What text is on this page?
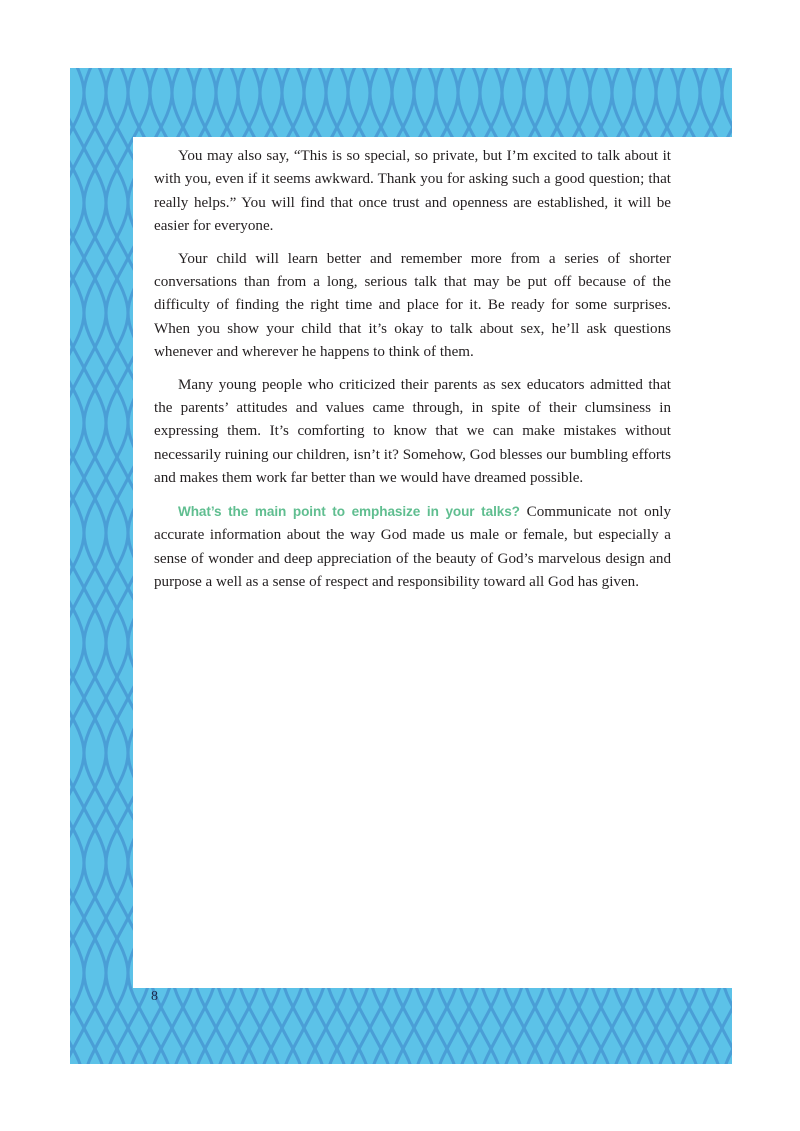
You may also say, “This is so special, so private, but I’m excited to talk about it with you, even if it seems awkward. Thank you for asking such a good question; that really helps.” You will find that once trust and openness are established, it will be easier for everyone.

Your child will learn better and remember more from a series of shorter conversations than from a long, serious talk that may be put off because of the difficulty of finding the right time and place for it. Be ready for some surprises. When you show your child that it’s okay to talk about sex, he’ll ask questions whenever and wherever he happens to think of them.

Many young people who criticized their parents as sex educators admitted that the parents’ attitudes and values came through, in spite of their clumsiness in expressing them. It’s comforting to know that we can make mistakes without necessarily ruining our children, isn’t it? Somehow, God blesses our bumbling efforts and makes them work far better than we would have dreamed possible.

What’s the main point to emphasize in your talks? Communicate not only accurate information about the way God made us male or female, but especially a sense of wonder and deep appreciation of the beauty of God’s marvelous design and purpose a well as a sense of respect and responsibility toward all God has given.

8
